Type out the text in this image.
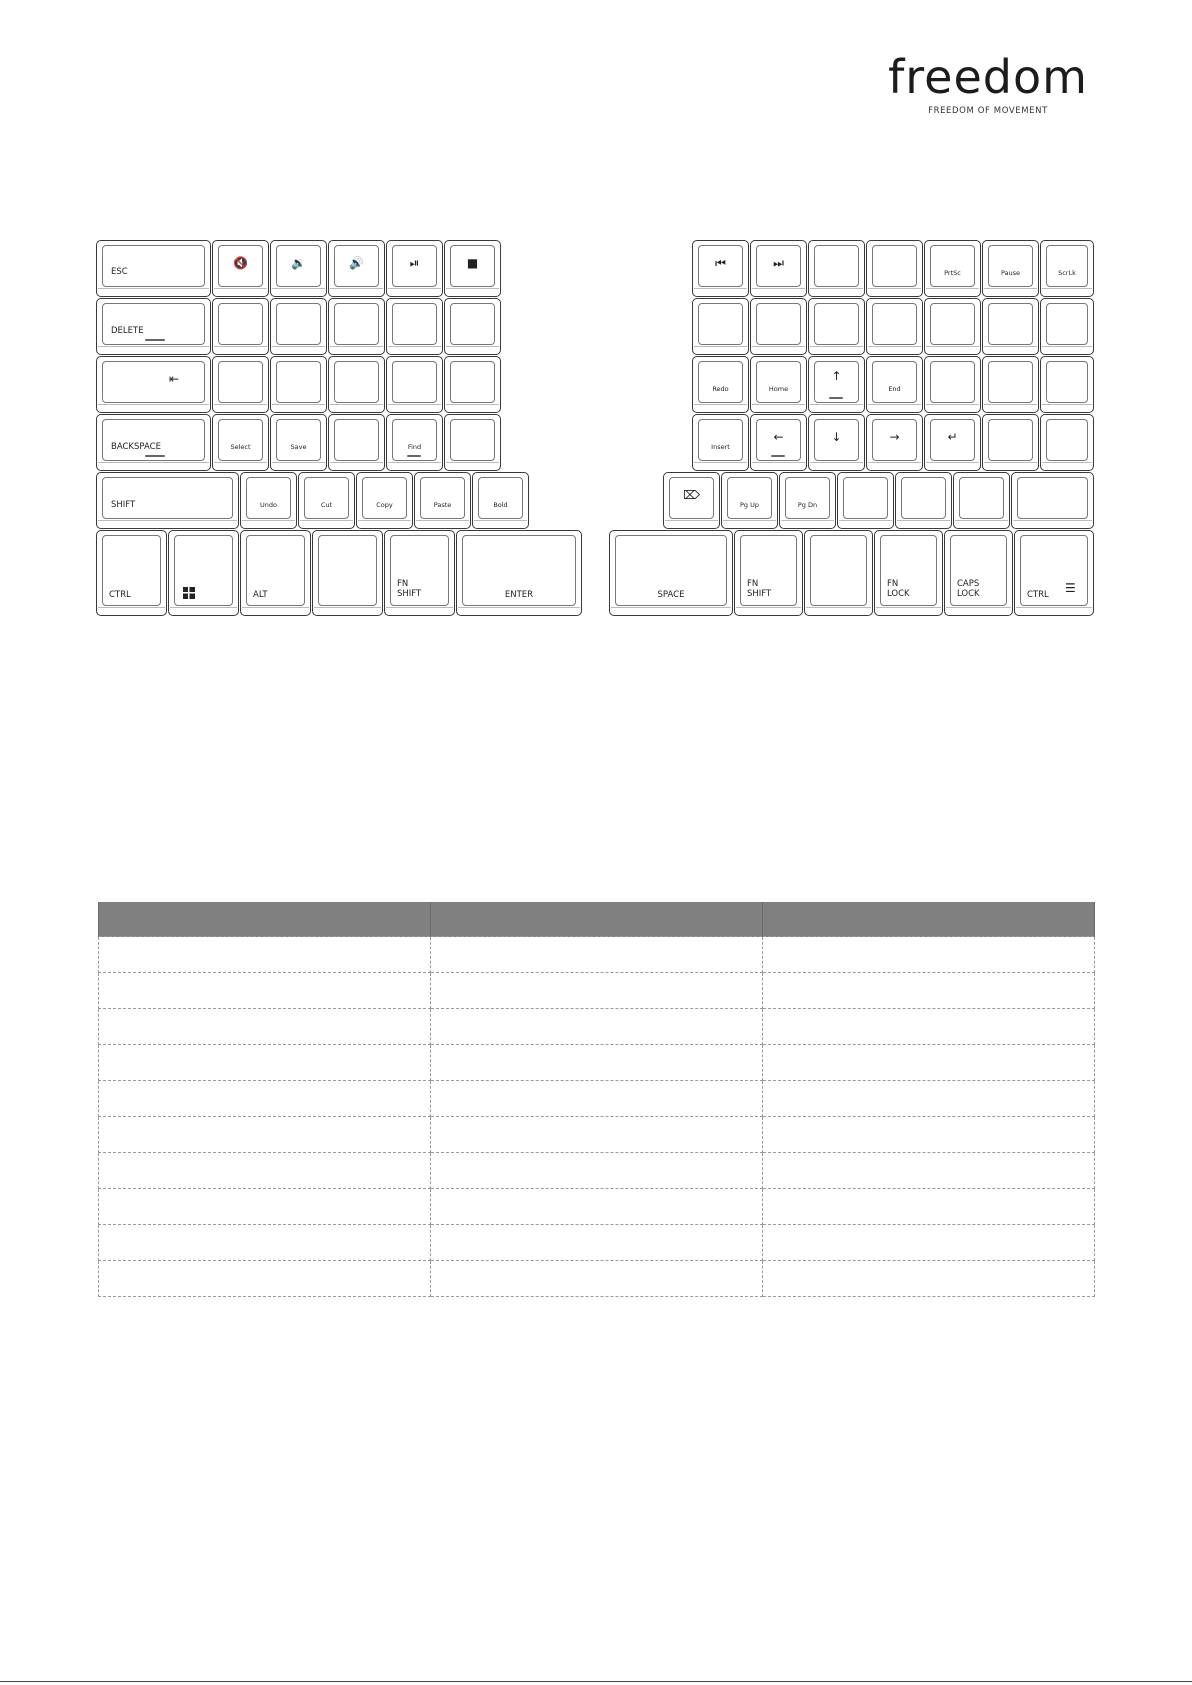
freedom
FREEDOM OF MOVEMENT
ESC
🔇	🔉	🔊	⏯	■
DELETE
⇤
BACKSPACE	Select	Save	Find
SHIFT	Undo	Cut	Copy	Paste	Bold
CTRL	ALT
FN
SHIFT	ENTER
⏮	⏭
PrtSc	Pause	ScrLk
Redo	Home
↑
End
Insert
←	↓	→	↵
⌦
Pg Up	Pg Dn
SPACE
FN
SHIFT
FN
LOCK
CAPS
LOCK	CTRL ☰
